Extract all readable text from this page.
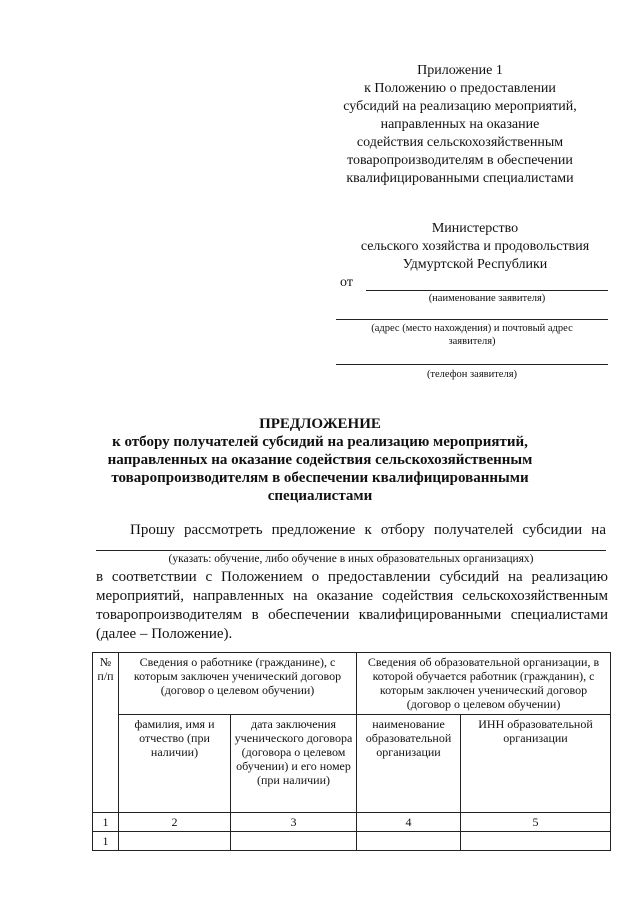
Приложение 1
к Положению о предоставлении
субсидий на реализацию мероприятий,
направленных на оказание
содействия сельскохозяйственным
товаропроизводителям в обеспечении
квалифицированными специалистами
Министерство
сельского хозяйства и продовольствия
Удмуртской Республики
от
(наименование заявителя)
(адрес (место нахождения) и почтовый адрес
заявителя)
(телефон заявителя)
ПРЕДЛОЖЕНИЕ
к отбору получателей субсидий на реализацию мероприятий,
направленных на оказание содействия сельскохозяйственным
товаропроизводителям в обеспечении квалифицированными
специалистами
Прошу рассмотреть предложение к отбору получателей субсидии на
(указать: обучение, либо обучение в иных образовательных организациях)
в соответствии с Положением о предоставлении субсидий на реализацию
мероприятий, направленных на оказание содействия сельскохозяйственным
товаропроизводителям в обеспечении квалифицированными специалистами
(далее – Положение).
№ п/п	Сведения о работнике (гражданине), с которым заключен ученический договор (договор о целевом обучении)		Сведения об образовательной организации, в которой обучается работник (гражданин), с которым заключен ученический договор (договор о целевом обучении)	
	фамилия, имя и отчество (при наличии)	дата заключения ученического договора (договора о целевом обучении) и его номер (при наличии)	наименование образовательной организации	ИНН образовательной организации
1	2	3	4	5
1				
